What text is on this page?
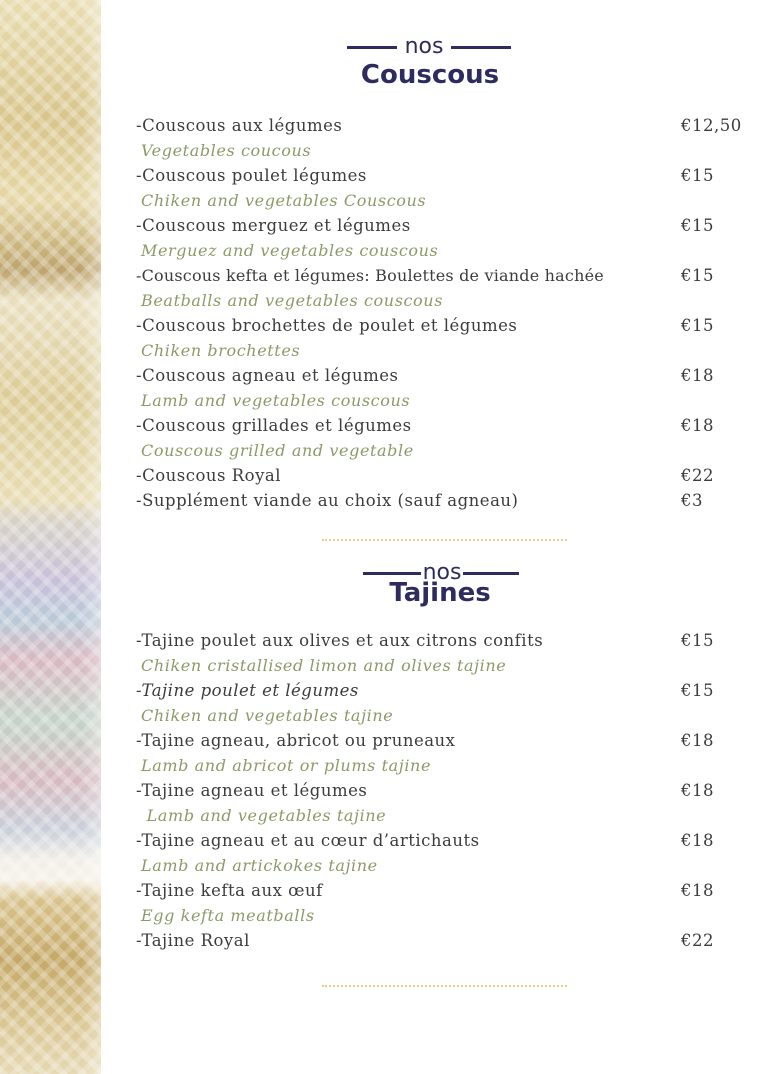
nos
Couscous
-Couscous aux légumes	€12,50
Vegetables coucous
-Couscous poulet légumes	€15
Chiken and vegetables Couscous
-Couscous merguez et légumes	€15
Merguez and vegetables couscous
-Couscous kefta et légumes: Boulettes de viande hachée	€15
Beatballs and vegetables couscous
-Couscous brochettes de poulet et légumes	€15
Chiken brochettes
-Couscous agneau et légumes	€18
Lamb and vegetables couscous
-Couscous grillades et légumes	€18
Couscous grilled and vegetable
-Couscous Royal	€22
-Supplément viande au choix (sauf agneau)	€3
nos
Tajines
-Tajine poulet aux olives et aux citrons confits	€15
Chiken cristallised limon and olives tajine
-Tajine poulet et légumes	€15
Chiken and vegetables tajine
-Tajine agneau, abricot ou pruneaux	€18
Lamb and abricot or plums tajine
-Tajine agneau et légumes	€18
Lamb and vegetables tajine
-Tajine agneau et au cœur d’artichauts	€18
Lamb and artickokes tajine
-Tajine kefta aux œuf	€18
Egg kefta meatballs
-Tajine Royal	€22
